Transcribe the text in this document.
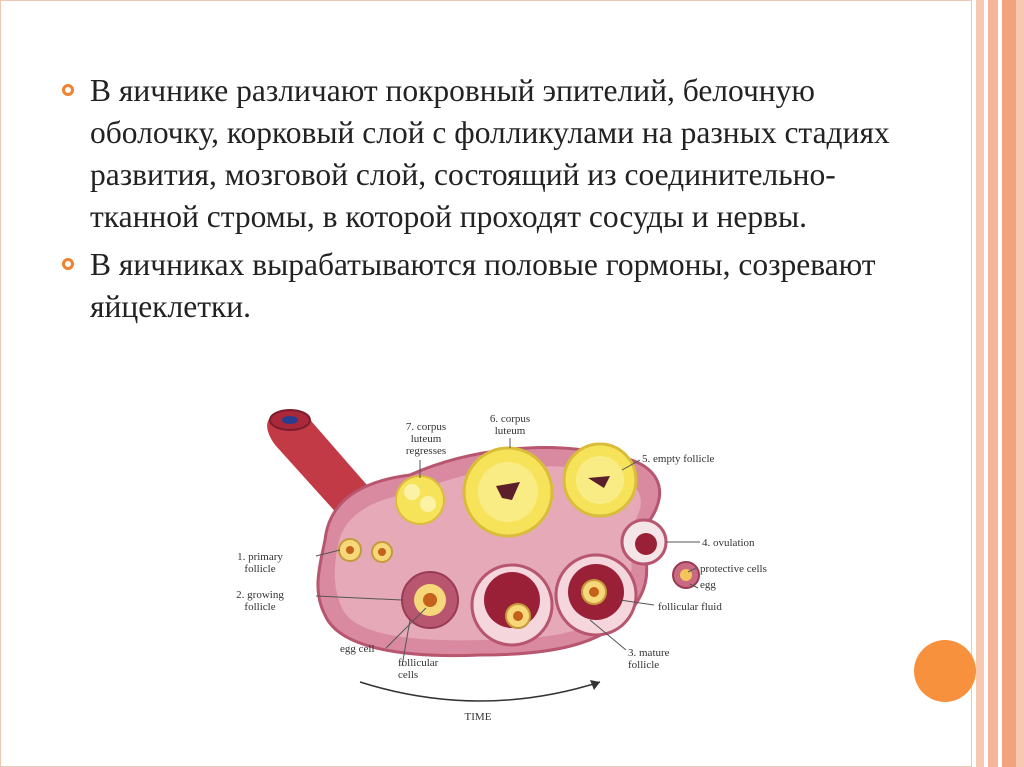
В яичнике различают покровный эпителий, белочную оболочку, корковый слой с фолликулами на разных стадиях развития, мозговой слой, состоящий из соединительно-тканной стромы, в которой проходят сосуды и нервы.
В яичниках вырабатываются половые гормоны, созревают яйцеклетки.
7. corpus
luteum
regresses
6. corpus
luteum
5. empty follicle
4. ovulation
protective cells
egg
follicular fluid
3. mature
follicle
1. primary
follicle
2. growing
follicle
egg cell
follicular
cells
TIME
